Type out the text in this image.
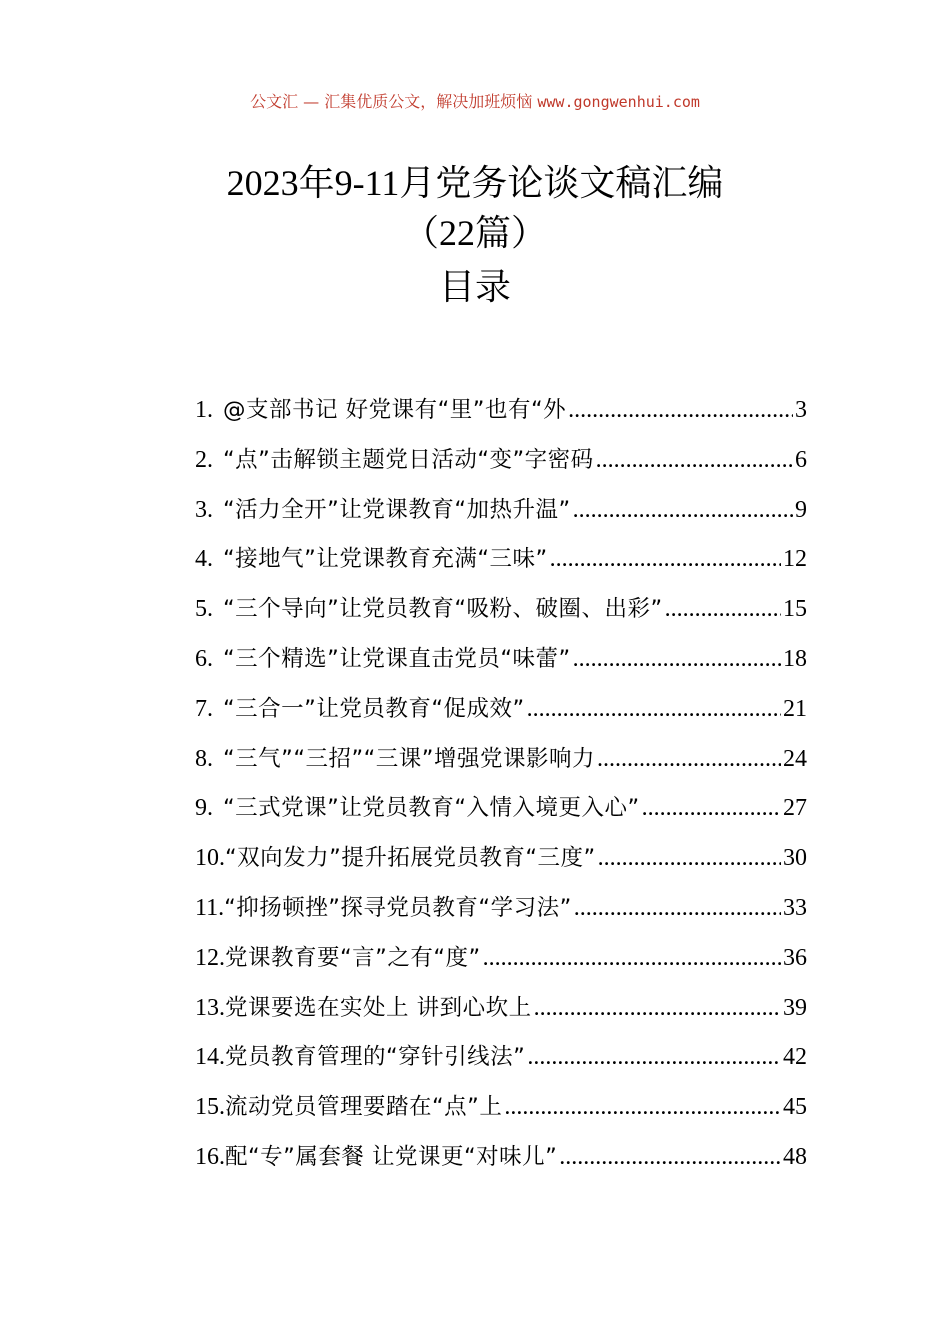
公文汇 — 汇集优质公文，解决加班烦恼 www.gongwenhui.com
2023年9-11月党务论谈文稿汇编
（22篇）
目录
1. @支部书记 好党课有“里”也有“外 .....	3
2. “点”击解锁主题党日活动“变”字密码 .....	6
3. “活力全开”让党课教育“加热升温” .....	9
4. “接地气”让党课教育充满“三味” .....	12
5. “三个导向”让党员教育“吸粉、破圈、出彩” .....	15
6. “三个精选”让党课直击党员“味蕾” .....	18
7. “三合一”让党员教育“促成效” .....	21
8. “三气”“三招”“三课”增强党课影响力 .....	24
9. “三式党课”让党员教育“入情入境更入心” .....	27
10. “双向发力”提升拓展党员教育“三度” .....	30
11. “抑扬顿挫”探寻党员教育“学习法” .....	33
12. 党课教育要“言”之有“度” .....	36
13. 党课要选在实处上 讲到心坎上 .....	39
14. 党员教育管理的“穿针引线法” .....	42
15. 流动党员管理要踏在“点”上 .....	45
16. 配“专”属套餐 让党课更“对味儿” .....	48
